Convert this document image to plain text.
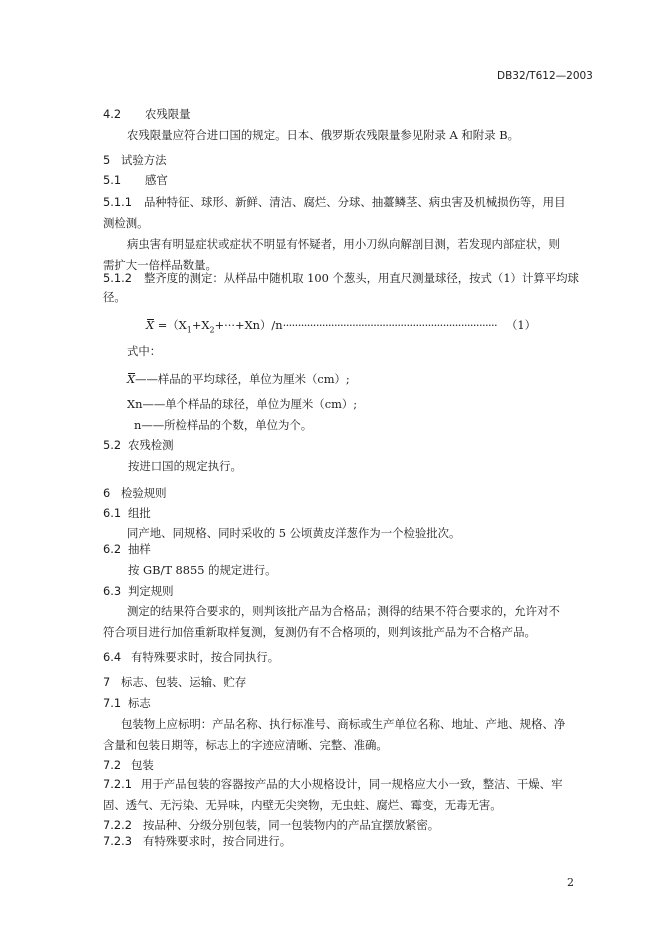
DB32/T612—2003
4.2 农残限量
农残限量应符合进口国的规定。日本、俄罗斯农残限量参见附录 A 和附录 B。
5 试验方法
5.1 感官
5.1.1 品种特征、球形、新鲜、清洁、腐烂、分球、抽薹鳞茎、病虫害及机械损伤等，用目
测检测。
病虫害有明显症状或症状不明显有怀疑者，用小刀纵向解剖目测，若发现内部症状，则
需扩大一倍样品数量。
5.1.2 整齐度的测定：从样品中随机取 100 个葱头，用直尺测量球径，按式（1）计算平均球
径。
$X =(X_1+X_2+\cdot\cdot\cdot+Xn)/n\cdot\cdot\cdot\cdot\cdot\cdot\cdot\cdot\cdot\cdot\cdot\cdot\cdot\cdot\cdot\cdot\cdot\cdot\cdot\cdot\cdot\cdot\cdot\cdot\cdot\cdot\cdot\cdot\cdot\cdot\cdot\cdot\cdot\cdot\cdot\cdot\cdot\cdot\cdot\cdot\cdot\cdot\cdot\cdot\cdot\cdot\cdot\cdot\cdot\cdot\cdot\cdot\cdot\cdot\cdot\cdot\cdot\cdot\cdot\cdot\cdot\cdot\cdot\cdot\cdot\cdot\cdot\cdot\cdot\cdot\cdot (1)$
式中：
X——样品的平均球径，单位为厘米（cm）;
Xn——单个样品的球径，单位为厘米（cm）;
n——所检样品的个数，单位为个。
5.2 农残检测
按进口国的规定执行。
6 检验规则
6.1 组批
同产地、同规格、同时采收的 5 公顷黄皮洋葱作为一个检验批次。
6.2 抽样
按 GB/T 8855 的规定进行。
6.3 判定规则
测定的结果符合要求的，则判该批产品为合格品；测得的结果不符合要求的，允许对不
符合项目进行加倍重新取样复测，复测仍有不合格项的，则判该批产品为不合格产品。
6.4 有特殊要求时，按合同执行。
7 标志、包装、运输、贮存
7.1 标志
包装物上应标明：产品名称、执行标准号、商标或生产单位名称、地址、产地、规格、净
含量和包装日期等，标志上的字迹应清晰、完整、准确。
7.2 包装
7.2.1 用于产品包装的容器按产品的大小规格设计，同一规格应大小一致，整洁、干燥、牢
固、透气、无污染、无异味，内壁无尖突物，无虫蛀、腐烂、霉变，无毒无害。
7.2.2 按品种、分级分别包装，同一包装物内的产品宜摆放紧密。
7.2.3 有特殊要求时，按合同进行。
2
